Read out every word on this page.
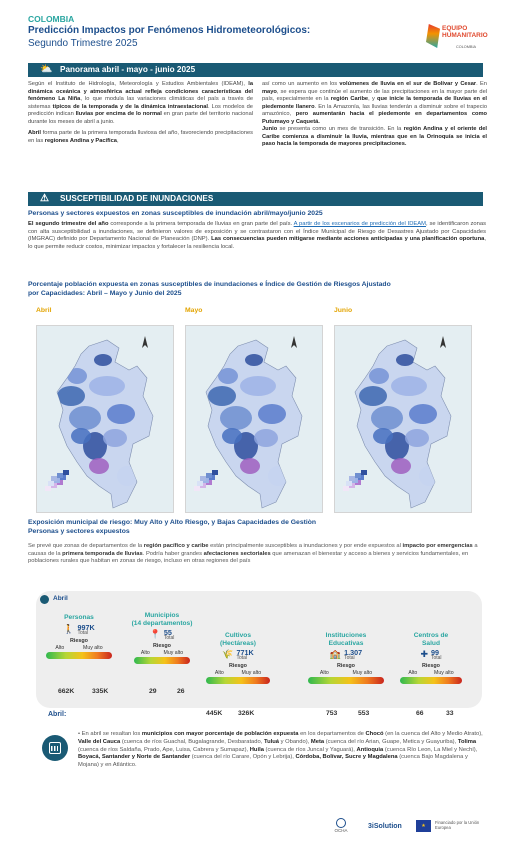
COLOMBIA
Predicción Impactos por Fenómenos Hidrometeorológicos:
Segundo Trimestre 2025
EQUIPO
HUMANITARIO
COLOMBIA
⛅ Panorama abril - mayo - junio 2025

Según el Instituto de Hidrología, Meteorología y Estudios Ambientales (IDEAM), la dinámica oceánica y atmosférica actual refleja condiciones características del fenómeno La Niña, lo que modula las variaciones climáticas del país a través de sistemas típicos de la temporada y de la dinámica intraestacional. Los modelos de predicción indican lluvias por encima de lo normal en gran parte del territorio nacional durante los meses de abril a junio.

Abril forma parte de la primera temporada lluviosa del año, favoreciendo precipitaciones en las regiones Andina y Pacífica,

así como un aumento en los volúmenes de lluvia en el sur de Bolívar y Cesar. En mayo, se espera que continúe el aumento de las precipitaciones en la mayor parte del país, especialmente en la región Caribe, y que inicie la temporada de lluvias en el piedemonte llanero. En la Amazonía, las lluvias tenderán a disminuir sobre el trapecio amazónico, pero aumentarán hacia el piedemonte en departamentos como Putumayo y Caquetá.
Junio se presenta como un mes de transición. En la región Andina y el oriente del Caribe comienza a disminuir la lluvia, mientras que en la Orinoquía se inicia el paso hacia la temporada de mayores precipitaciones.

⚠ SUSCEPTIBILIDAD DE INUNDACIONES
Personas y sectores expuestos en zonas susceptibles de inundación abril/mayo/junio 2025
El segundo trimestre del año corresponde a la primera temporada de lluvias en gran parte del país. A partir de los escenarios de predicción del IDEAM, se identificaron zonas con alta susceptibilidad a inundaciones, se definieron valores de exposición y se contrastaron con el Índice Municipal de Riesgo de Desastres Ajustado por Capacidades (IMGRAC) definido por Departamento Nacional de Planeación (DNP). Las consecuencias pueden mitigarse mediante acciones anticipadas y una planificación oportuna, lo que permite reducir costos, minimizar impactos y fortalecer la resiliencia local.
Porcentaje población expuesta en zonas susceptibles de inundaciones e Índice de Gestión de Riesgos Ajustado
por Capacidades: Abril – Mayo y Junio del 2025
Abril	Mayo	Junio
Exposición municipal de riesgo: Muy Alto y Alto Riesgo, y Bajas Capacidades de Gestiòn
Personas y sectores expuestos
Se prevé que zonas de departamentos de la región pacífico y caribe están principalmente susceptibles a inundaciones y por ende expuestos al impacto por emergencias a causas de la primera temporada de lluvias. Podría haber grandes afectaciones sectoriales que amenazan el bienestar y acceso a bienes y servicios fundamentales, en poblaciones rurales que habitan en zonas de riesgo, incluso en otras regiones del país
Abril
Personas
🚶 997K
Total
Riesgo
Alto	Muy alto
662K	335K
Municipios
(14 departamentos)
📍 55
Total
Riesgo
Alto	Muy alto
29	26
Cultivos
(Hectáreas)
🌾 771K
Total
Riesgo
Alto	Muy alto
445K 326K
Instituciones
Educativas
🏫 1.307
Total
Riesgo
Alto	Muy alto
753	553
Centros de
Salud
✚ 99
Total
Riesgo
Alto	Muy alto
66	33
Abril:
• En abril se resaltan los municipios con mayor porcentaje de población expuesta en los departamentos de Chocó (en la cuenca del Alto y Medio Atrato), Valle del Cauca (cuenca de ríos Guachal, Bugalagrande, Desbaratado, Tuluá y Obando), Meta (cuenca del río Arian, Guape, Metica y Guayuriba), Tolima (cuenca de ríos Saldaña, Prado, Ape, Luisa, Cabrera y Sumapaz), Huila (cuenca de ríos Juncal y Yaguará), Antioquia (cuenca Río Leon, La Miel y Nechí), Boyacá, Santander y Norte de Santander (cuenca del río Carare, Opón y Lebrija), Córdoba, Bolívar, Sucre y Magdalena (cuenca Bajo Magdalena y Mojana) y en Atlántico.
OCHA
3iSolution	★
Financiado por la Unión Europea
